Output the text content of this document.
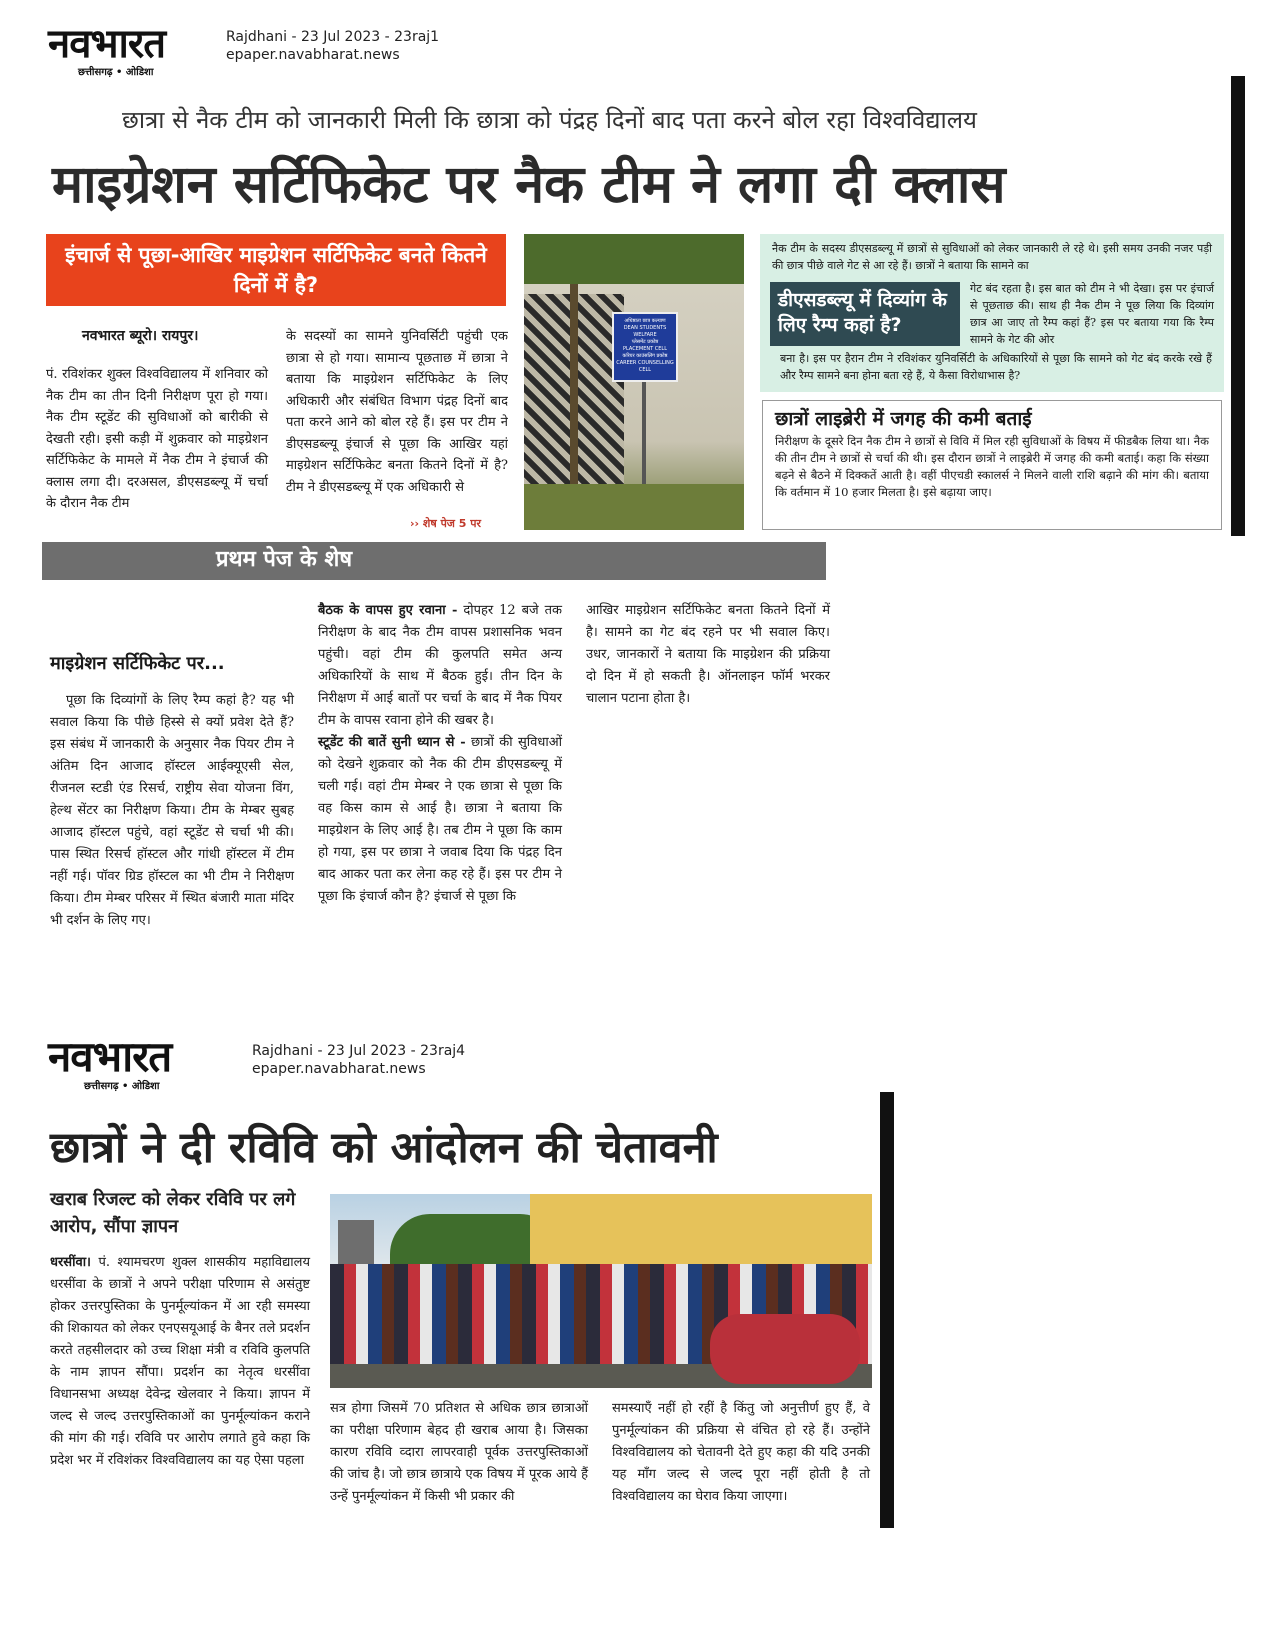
नवभारत
छत्तीसगढ़ • ओडिशा
Rajdhani - 23 Jul 2023 - 23raj1
epaper.navabharat.news
छात्रा से नैक टीम को जानकारी मिली कि छात्रा को पंद्रह दिनों बाद पता करने बोल रहा विश्वविद्यालय
माइग्रेशन सर्टिफिकेट पर नैक टीम ने लगा दी क्लास
इंचार्ज से पूछा-आखिर माइग्रेशन सर्टिफिकेट बनते कितने दिनों में है?
नवभारत ब्यूरो। रायपुर।
पं. रविशंकर शुक्ल विश्वविद्यालय में शनिवार को नैक टीम का तीन दिनी निरीक्षण पूरा हो गया। नैक टीम स्टूडेंट की सुविधाओं को बारीकी से देखती रही। इसी कड़ी में शुक्रवार को माइग्रेशन सर्टिफिकेट के मामले में नैक टीम ने इंचार्ज की क्लास लगा दी। दरअसल, डीएसडब्ल्यू में चर्चा के दौरान नैक टीम
के सदस्यों का सामने युनिवर्सिटी पहुंची एक छात्रा से हो गया। सामान्य पूछताछ में छात्रा ने बताया कि माइग्रेशन सर्टिफिकेट के लिए अधिकारी और संबंधित विभाग पंद्रह दिनों बाद पता करने आने को बोल रहे हैं। इस पर टीम ने डीएसडब्ल्यू इंचार्ज से पूछा कि आखिर यहां माइग्रेशन सर्टिफिकेट बनता कितने दिनों में है? टीम ने डीएसडब्ल्यू में एक अधिकारी से
›› शेष पेज 5 पर
अधिष्ठाता छात्र कल्याण
DEAN STUDENTS WELFARE
प्लेसमेंट प्रकोष्ठ
PLACEMENT CELL
करियर काउंसलिंग प्रकोष्ठ
CAREER COUNSELLING CELL
नैक टीम के सदस्य डीएसडब्ल्यू में छात्रों से सुविधाओं को लेकर जानकारी ले रहे थे। इसी समय उनकी नजर पड़ी की छात्र पीछे वाले गेट से आ रहे हैं। छात्रों ने बताया कि सामने का
डीएसडब्ल्यू में दिव्यांग के लिए रैम्प कहां है?
गेट बंद रहता है। इस बात को टीम ने भी देखा। इस पर इंचार्ज से पूछताछ की। साथ ही नैक टीम ने पूछ लिया कि दिव्यांग छात्र आ जाए तो रैम्प कहां हैं? इस पर बताया गया कि रैम्प सामने के गेट की ओर
बना है। इस पर हैरान टीम ने रविशंकर युनिवर्सिटी के अधिकारियों से पूछा कि सामने को गेट बंद करके रखे हैं और रैम्प सामने बना होना बता रहे हैं, ये कैसा विरोधाभास है?
छात्रों लाइब्रेरी में जगह की कमी बताई
निरीक्षण के दूसरे दिन नैक टीम ने छात्रों से विवि में मिल रही सुविधाओं के विषय में फीडबैक लिया था। नैक की तीन टीम ने छात्रों से चर्चा की थी। इस दौरान छात्रों ने लाइब्रेरी में जगह की कमी बताई। कहा कि संख्या बढ़ने से बैठने में दिक्कतें आती है। वहीं पीएचडी स्कालर्स ने मिलने वाली राशि बढ़ाने की मांग की। बताया कि वर्तमान में 10 हजार मिलता है। इसे बढ़ाया जाए।
प्रथम पेज के शेष
माइग्रेशन सर्टिफिकेट पर...
पूछा कि दिव्यांगों के लिए रैम्प कहां है? यह भी सवाल किया कि पीछे हिस्से से क्यों प्रवेश देते हैं? इस संबंध में जानकारी के अनुसार नैक पियर टीम ने अंतिम दिन आजाद हॉस्टल आईक्यूएसी सेल, रीजनल स्टडी एंड रिसर्च, राष्ट्रीय सेवा योजना विंग, हेल्थ सेंटर का निरीक्षण किया। टीम के मेम्बर सुबह आजाद हॉस्टल पहुंचे, वहां स्टूडेंट से चर्चा भी की। पास स्थित रिसर्च हॉस्टल और गांधी हॉस्टल में टीम नहीं गई। पॉवर ग्रिड हॉस्टल का भी टीम ने निरीक्षण किया। टीम मेम्बर परिसर में स्थित बंजारी माता मंदिर भी दर्शन के लिए गए।
बैठक के वापस हुए रवाना - दोपहर 12 बजे तक निरीक्षण के बाद नैक टीम वापस प्रशासनिक भवन पहुंची। वहां टीम की कुलपति समेत अन्य अधिकारियों के साथ में बैठक हुई। तीन दिन के निरीक्षण में आई बातों पर चर्चा के बाद में नैक पियर टीम के वापस रवाना होने की खबर है।
स्टूडेंट की बातें सुनी ध्यान से - छात्रों की सुविधाओं को देखने शुक्रवार को नैक की टीम डीएसडब्ल्यू में चली गई। वहां टीम मेम्बर ने एक छात्रा से पूछा कि वह किस काम से आई है। छात्रा ने बताया कि माइग्रेशन के लिए आई है। तब टीम ने पूछा कि काम हो गया, इस पर छात्रा ने जवाब दिया कि पंद्रह दिन बाद आकर पता कर लेना कह रहे हैं। इस पर टीम ने पूछा कि इंचार्ज कौन है? इंचार्ज से पूछा कि
आखिर माइग्रेशन सर्टिफिकेट बनता कितने दिनों में है। सामने का गेट बंद रहने पर भी सवाल किए। उधर, जानकारों ने बताया कि माइग्रेशन की प्रक्रिया दो दिन में हो सकती है। ऑनलाइन फॉर्म भरकर चालान पटाना होता है।
नवभारत
छत्तीसगढ़ • ओडिशा
Rajdhani - 23 Jul 2023 - 23raj4
epaper.navabharat.news
छात्रों ने दी रविवि को आंदोलन की चेतावनी
खराब रिजल्ट को लेकर रविवि पर लगे आरोप, सौंपा ज्ञापन
धरसींवा। पं. श्यामचरण शुक्ल शासकीय महाविद्यालय धरसींवा के छात्रों ने अपने परीक्षा परिणाम से असंतुष्ट होकर उत्तरपुस्तिका के पुनर्मूल्यांकन में आ रही समस्या की शिकायत को लेकर एनएसयूआई के बैनर तले प्रदर्शन करते तहसीलदार को उच्च शिक्षा मंत्री व रविवि कुलपति के नाम ज्ञापन सौंपा। प्रदर्शन का नेतृत्व धरसींवा विधानसभा अध्यक्ष देवेन्द्र खेलवार ने किया। ज्ञापन में जल्द से जल्द उत्तरपुस्तिकाओं का पुनर्मूल्यांकन कराने की मांग की गई। रविवि पर आरोप लगाते हुवे कहा कि प्रदेश भर में रविशंकर विश्वविद्यालय का यह ऐसा पहला
सत्र होगा जिसमें 70 प्रतिशत से अधिक छात्र छात्राओं का परीक्षा परिणाम बेहद ही खराब आया है। जिसका कारण रविवि व्दारा लापरवाही पूर्वक उत्तरपुस्तिकाओं की जांच है। जो छात्र छात्राये एक विषय में पूरक आये हैं उन्हें पुनर्मूल्यांकन में किसी भी प्रकार की
समस्याएँ नहीं हो रहीं है किंतु जो अनुत्तीर्ण हुए हैं, वे पुनर्मूल्यांकन की प्रक्रिया से वंचित हो रहे हैं। उन्होंने विश्वविद्यालय को चेतावनी देते हुए कहा की यदि उनकी यह माँग जल्द से जल्द पूरा नहीं होती है तो विश्वविद्यालय का घेराव किया जाएगा।
